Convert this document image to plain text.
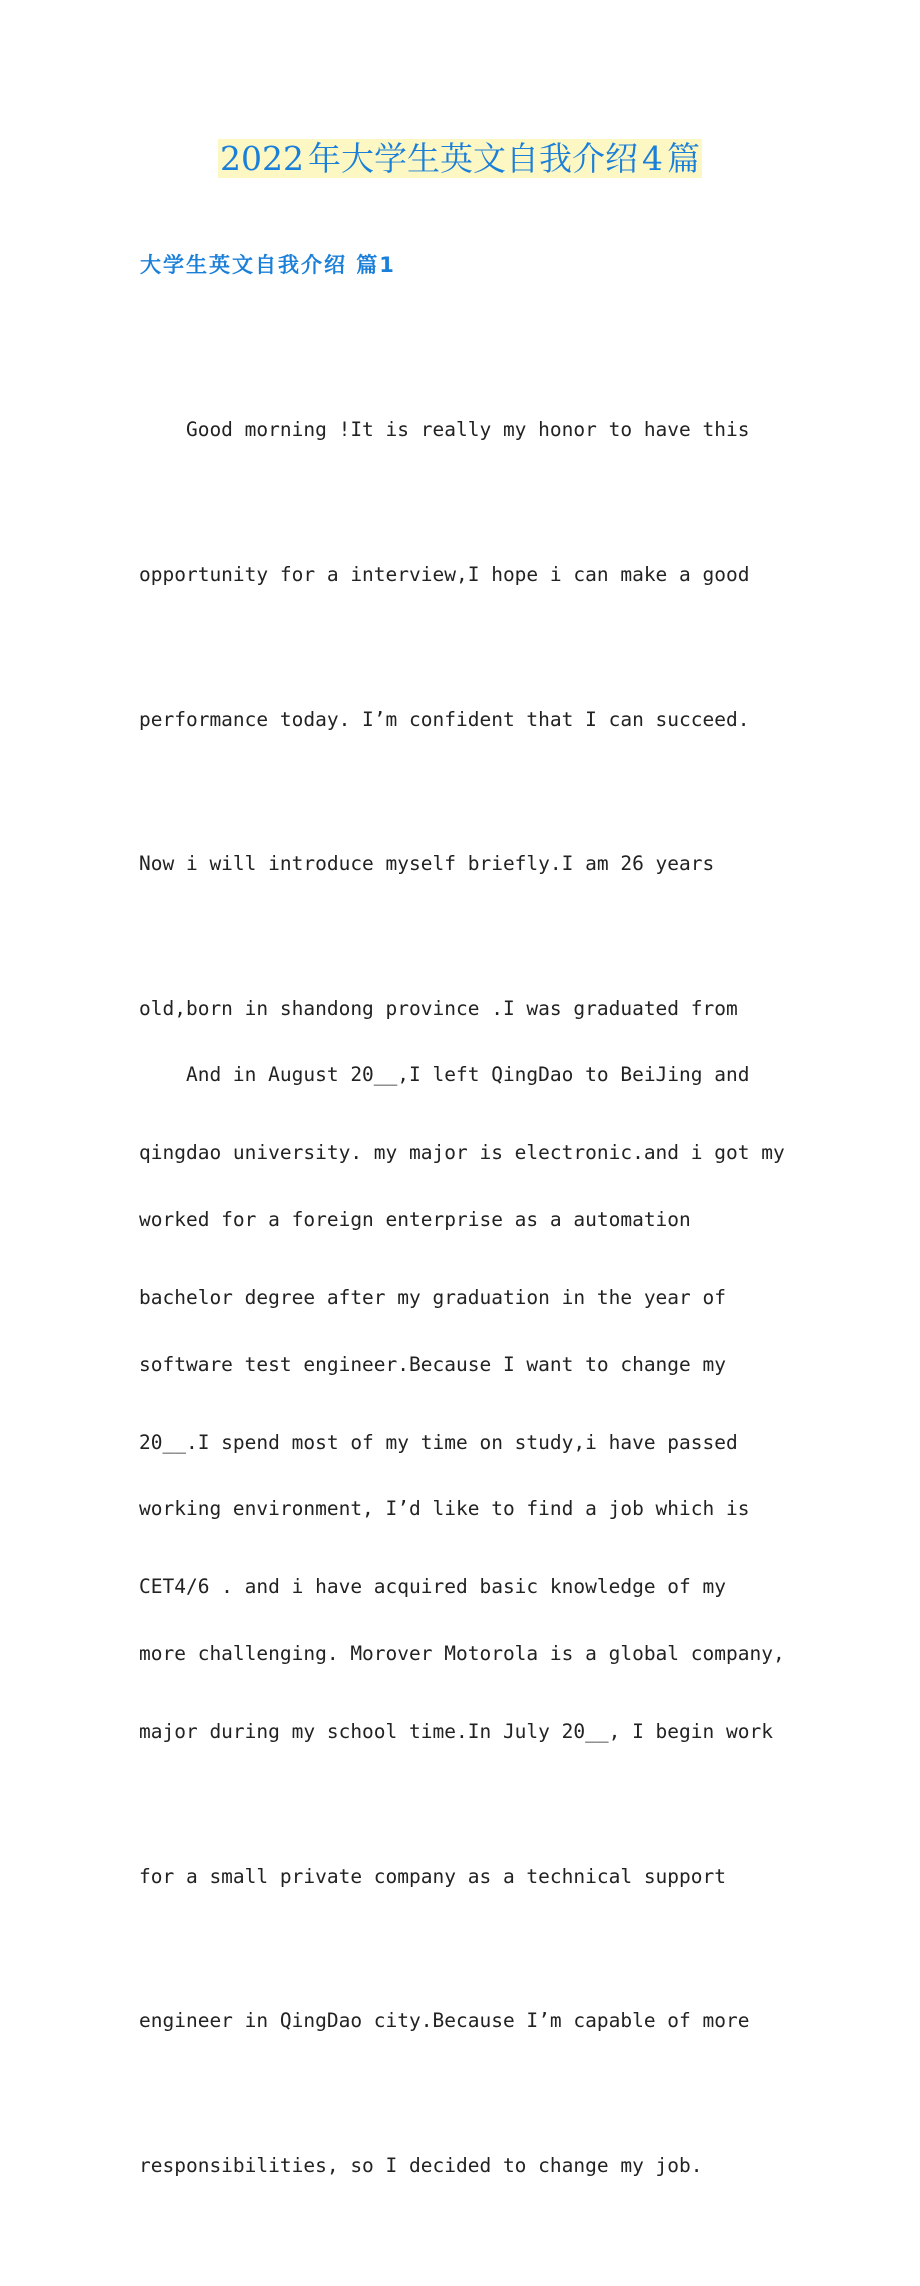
2022 年大学生英文自我介绍 4 篇
大学生英文自我介绍 篇1

Good morning !It is really my honor to have this

opportunity for a interview,I hope i can make a good

performance today. I’m confident that I can succeed.

Now i will introduce myself briefly.I am 26 years

old,born in shandong province .I was graduated from

qingdao university. my major is electronic.and i got my

bachelor degree after my graduation in the year of

20__.I spend most of my time on study,i have passed

CET4/6 . and i have acquired basic knowledge of my

major during my school time.In July 20__, I begin work

for a small private company as a technical support

engineer in QingDao city.Because I’m capable of more

responsibilities, so I decided to change my job.

And in August 20__,I left QingDao to BeiJing and

worked for a foreign enterprise as a automation

software test engineer.Because I want to change my

working environment, I’d like to find a job which is

more challenging. Morover Motorola is a global company,
